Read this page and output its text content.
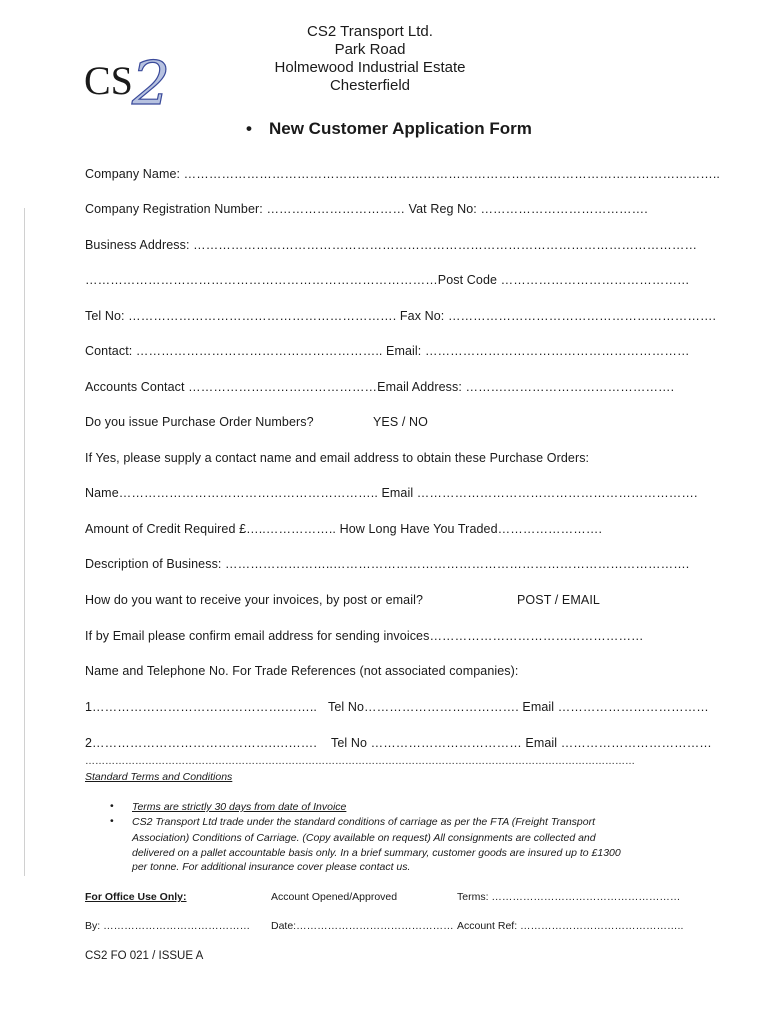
2
CS
CS2 Transport Ltd.
Park Road
Holmewood Industrial Estate
Chesterfield
• New Customer Application Form
Company Name: ………………………………………………………………………………………………………………..
Company Registration Number: …………………………… Vat Reg No: ………………………………….
Business Address: …………………………………………………………………………………………………………
…………………………………………………………………………Post Code ………………………………………
Tel No: ………………………………………………………. Fax No: ……………………………………………………….
Contact: ………………………………………………….. Email: ………………………………………………………
Accounts Contact ………………………………………Email Address: ……….………………………………….
Do you issue Purchase Order Numbers?	YES / NO
If Yes, please supply a contact name and email address to obtain these Purchase Orders:
Name…………………………………………………….. Email ………………………………………………………….
Amount of Credit Required £…..…………….. How Long Have You Traded…………………….
Description of Business: ……………………..………………………………………………………………………….
How do you want to receive your invoices, by post or email?	POST / EMAIL
If by Email please confirm email address for sending invoices……………………………………………
Name and Telephone No. For Trade References (not associated companies):
1……………………………………….…….. Tel No………………………………. Email ………………………………
2…………………………………….….……. Tel No ……………………………… Email ………………………………
…………………………………………………………………………………………………………………………………………………
Standard Terms and Conditions
• Terms are strictly 30 days from date of Invoice
• CS2 Transport Ltd trade under the standard conditions of carriage as per the FTA (Freight Transport
Association) Conditions of Carriage. (Copy available on request) All consignments are collected and
delivered on a pallet accountable basis only. In a brief summary, customer goods are insured up to £1300
per tonne. For additional insurance cover please contact us.
For Office Use Only:	Account Opened/Approved	Terms: ………………………………………………
By: …………………………………… Date:……………………………………… Account Ref: ………………………………………..
CS2 FO 021 / ISSUE A
